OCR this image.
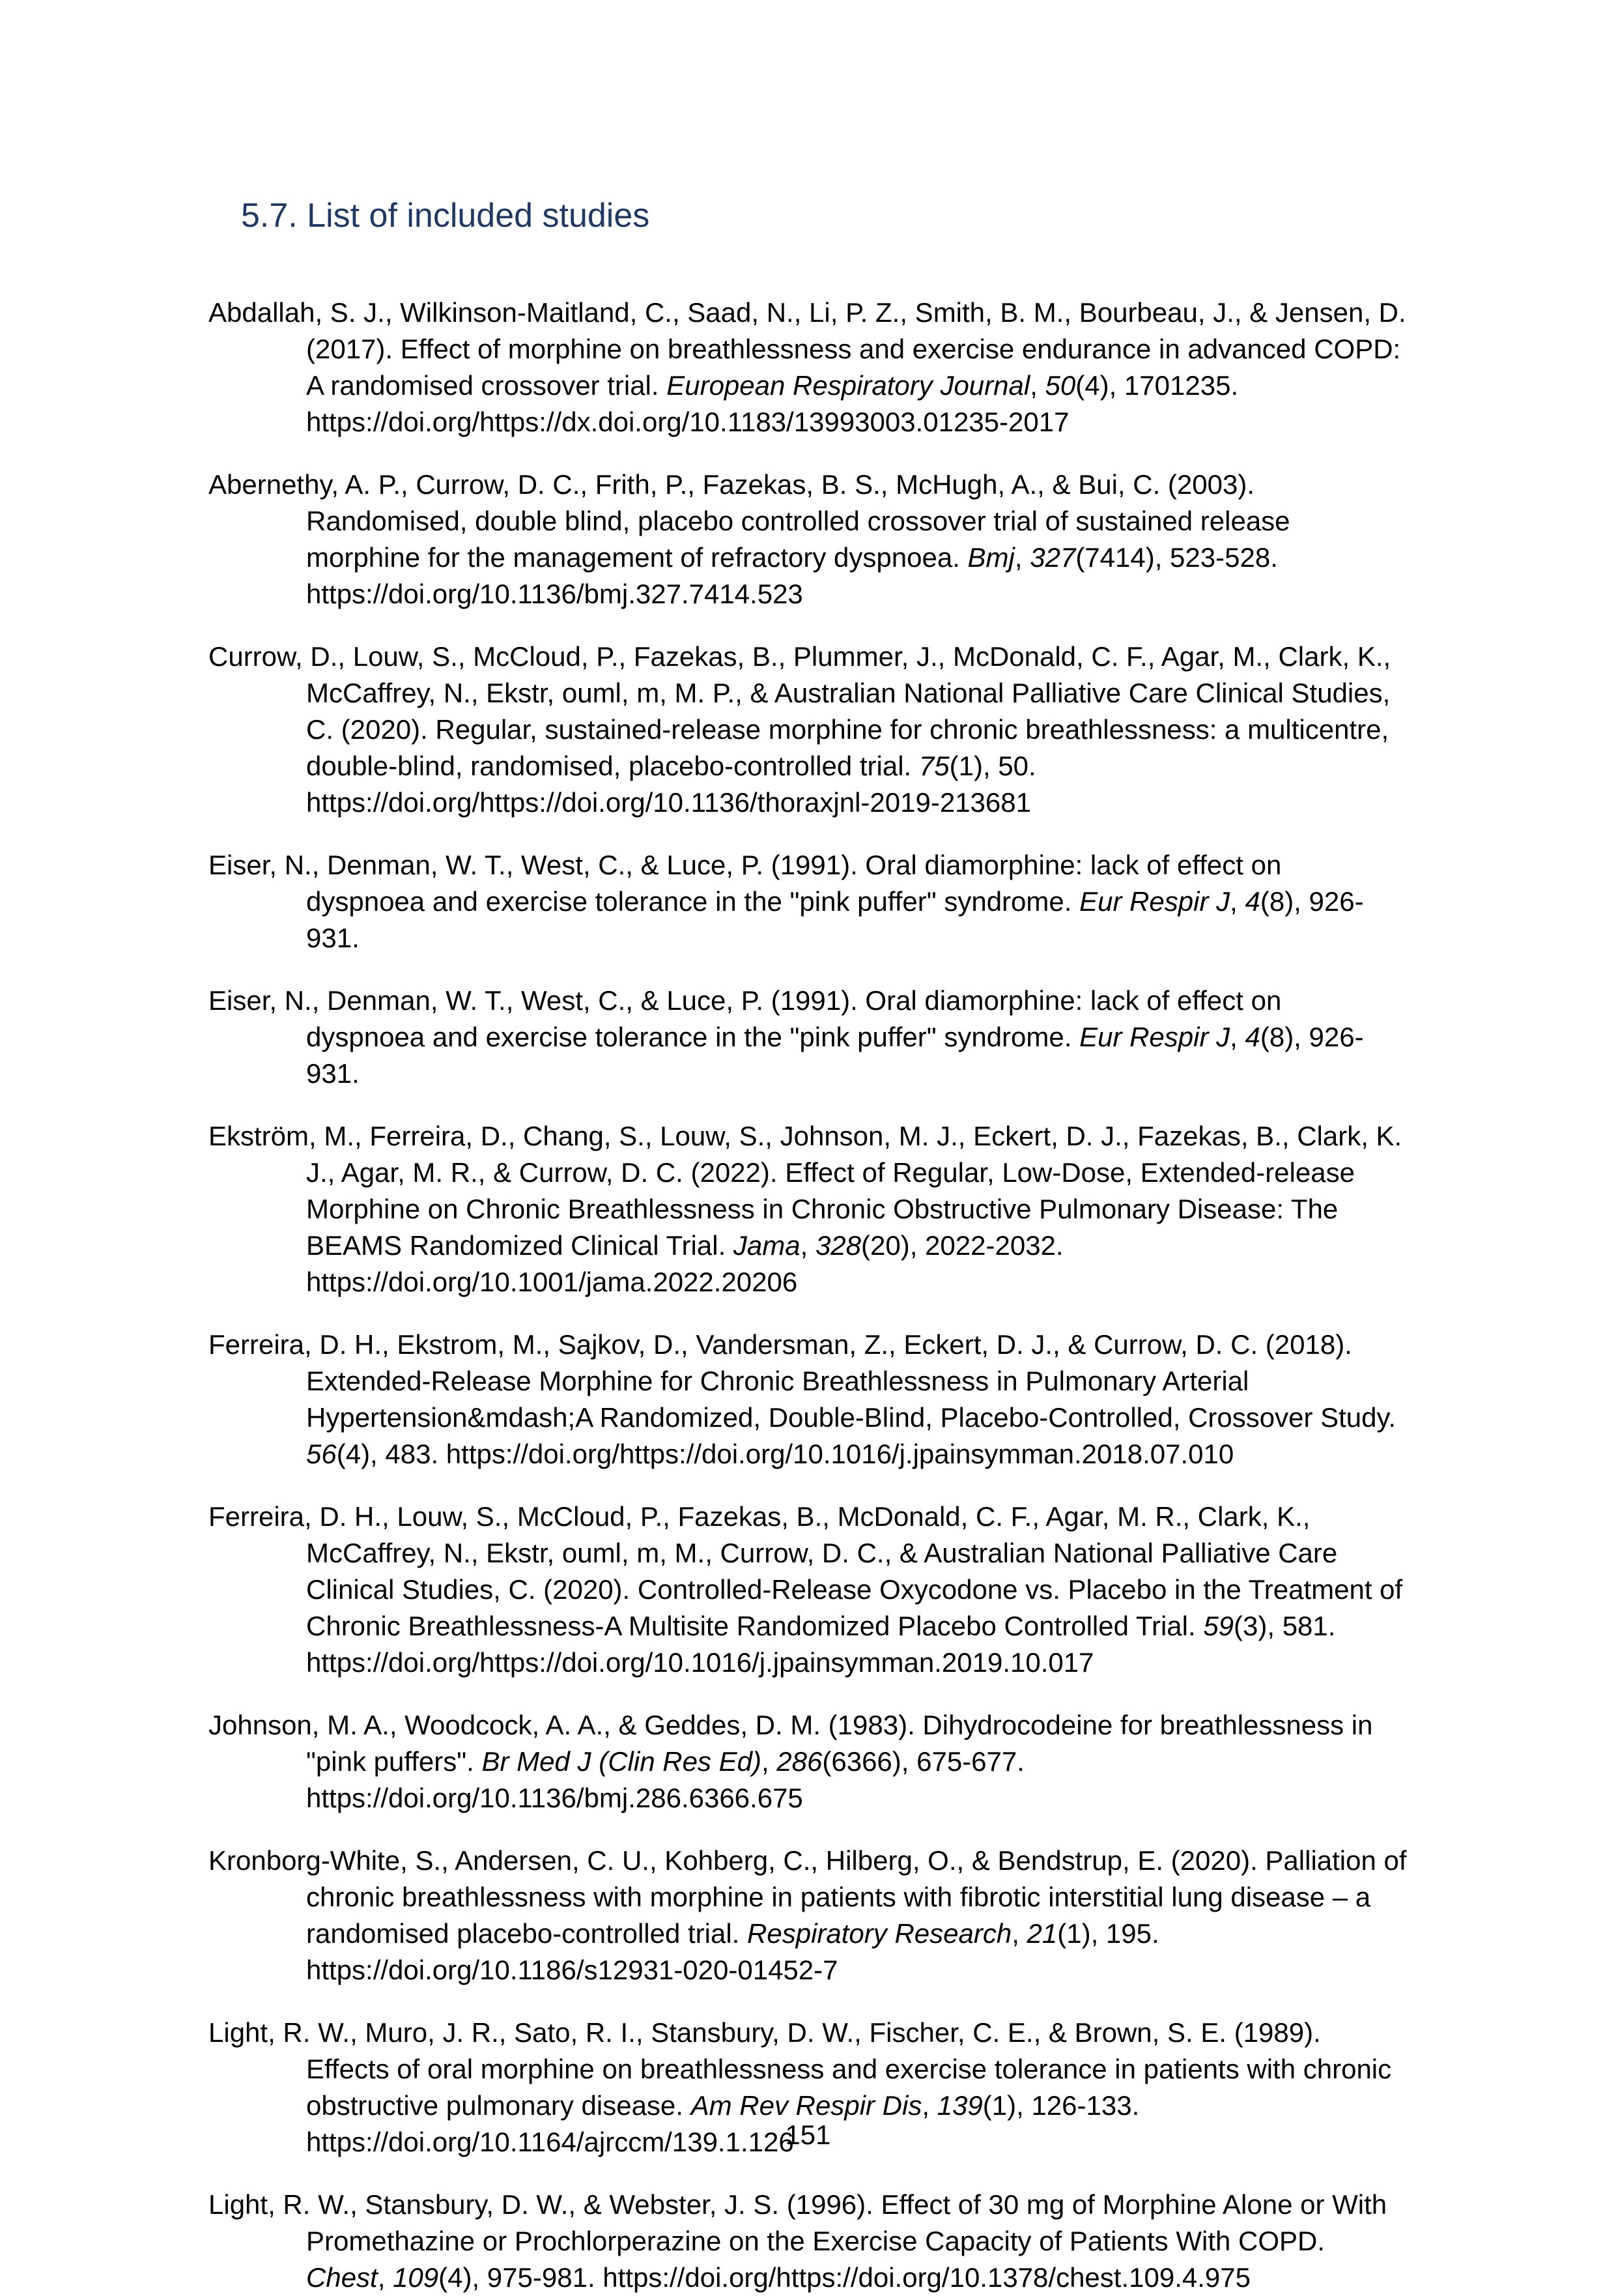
5.7. List of included studies

Abdallah, S. J., Wilkinson-Maitland, C., Saad, N., Li, P. Z., Smith, B. M., Bourbeau, J., & Jensen, D. (2017). Effect of morphine on breathlessness and exercise endurance in advanced COPD: A randomised crossover trial. European Respiratory Journal, 50(4), 1701235. https://doi.org/https://dx.doi.org/10.1183/13993003.01235-2017

Abernethy, A. P., Currow, D. C., Frith, P., Fazekas, B. S., McHugh, A., & Bui, C. (2003). Randomised, double blind, placebo controlled crossover trial of sustained release morphine for the management of refractory dyspnoea. Bmj, 327(7414), 523-528. https://doi.org/10.1136/bmj.327.7414.523

Currow, D., Louw, S., McCloud, P., Fazekas, B., Plummer, J., McDonald, C. F., Agar, M., Clark, K., McCaffrey, N., Ekstr, ouml, m, M. P., & Australian National Palliative Care Clinical Studies, C. (2020). Regular, sustained-release morphine for chronic breathlessness: a multicentre, double-blind, randomised, placebo-controlled trial. 75(1), 50. https://doi.org/https://doi.org/10.1136/thoraxjnl-2019-213681

Eiser, N., Denman, W. T., West, C., & Luce, P. (1991). Oral diamorphine: lack of effect on dyspnoea and exercise tolerance in the "pink puffer" syndrome. Eur Respir J, 4(8), 926-931.

Eiser, N., Denman, W. T., West, C., & Luce, P. (1991). Oral diamorphine: lack of effect on dyspnoea and exercise tolerance in the "pink puffer" syndrome. Eur Respir J, 4(8), 926-931.

Ekström, M., Ferreira, D., Chang, S., Louw, S., Johnson, M. J., Eckert, D. J., Fazekas, B., Clark, K. J., Agar, M. R., & Currow, D. C. (2022). Effect of Regular, Low-Dose, Extended-release Morphine on Chronic Breathlessness in Chronic Obstructive Pulmonary Disease: The BEAMS Randomized Clinical Trial. Jama, 328(20), 2022-2032. https://doi.org/10.1001/jama.2022.20206

Ferreira, D. H., Ekstrom, M., Sajkov, D., Vandersman, Z., Eckert, D. J., & Currow, D. C. (2018). Extended-Release Morphine for Chronic Breathlessness in Pulmonary Arterial Hypertension&mdash;A Randomized, Double-Blind, Placebo-Controlled, Crossover Study. 56(4), 483. https://doi.org/https://doi.org/10.1016/j.jpainsymman.2018.07.010

Ferreira, D. H., Louw, S., McCloud, P., Fazekas, B., McDonald, C. F., Agar, M. R., Clark, K., McCaffrey, N., Ekstr, ouml, m, M., Currow, D. C., & Australian National Palliative Care Clinical Studies, C. (2020). Controlled-Release Oxycodone vs. Placebo in the Treatment of Chronic Breathlessness-A Multisite Randomized Placebo Controlled Trial. 59(3), 581. https://doi.org/https://doi.org/10.1016/j.jpainsymman.2019.10.017

Johnson, M. A., Woodcock, A. A., & Geddes, D. M. (1983). Dihydrocodeine for breathlessness in "pink puffers". Br Med J (Clin Res Ed), 286(6366), 675-677. https://doi.org/10.1136/bmj.286.6366.675

Kronborg-White, S., Andersen, C. U., Kohberg, C., Hilberg, O., & Bendstrup, E. (2020). Palliation of chronic breathlessness with morphine in patients with fibrotic interstitial lung disease – a randomised placebo-controlled trial. Respiratory Research, 21(1), 195. https://doi.org/10.1186/s12931-020-01452-7

Light, R. W., Muro, J. R., Sato, R. I., Stansbury, D. W., Fischer, C. E., & Brown, S. E. (1989). Effects of oral morphine on breathlessness and exercise tolerance in patients with chronic obstructive pulmonary disease. Am Rev Respir Dis, 139(1), 126-133. https://doi.org/10.1164/ajrccm/139.1.126

Light, R. W., Stansbury, D. W., & Webster, J. S. (1996). Effect of 30 mg of Morphine Alone or With Promethazine or Prochlorperazine on the Exercise Capacity of Patients With COPD. Chest, 109(4), 975-981. https://doi.org/https://doi.org/10.1378/chest.109.4.975

151
